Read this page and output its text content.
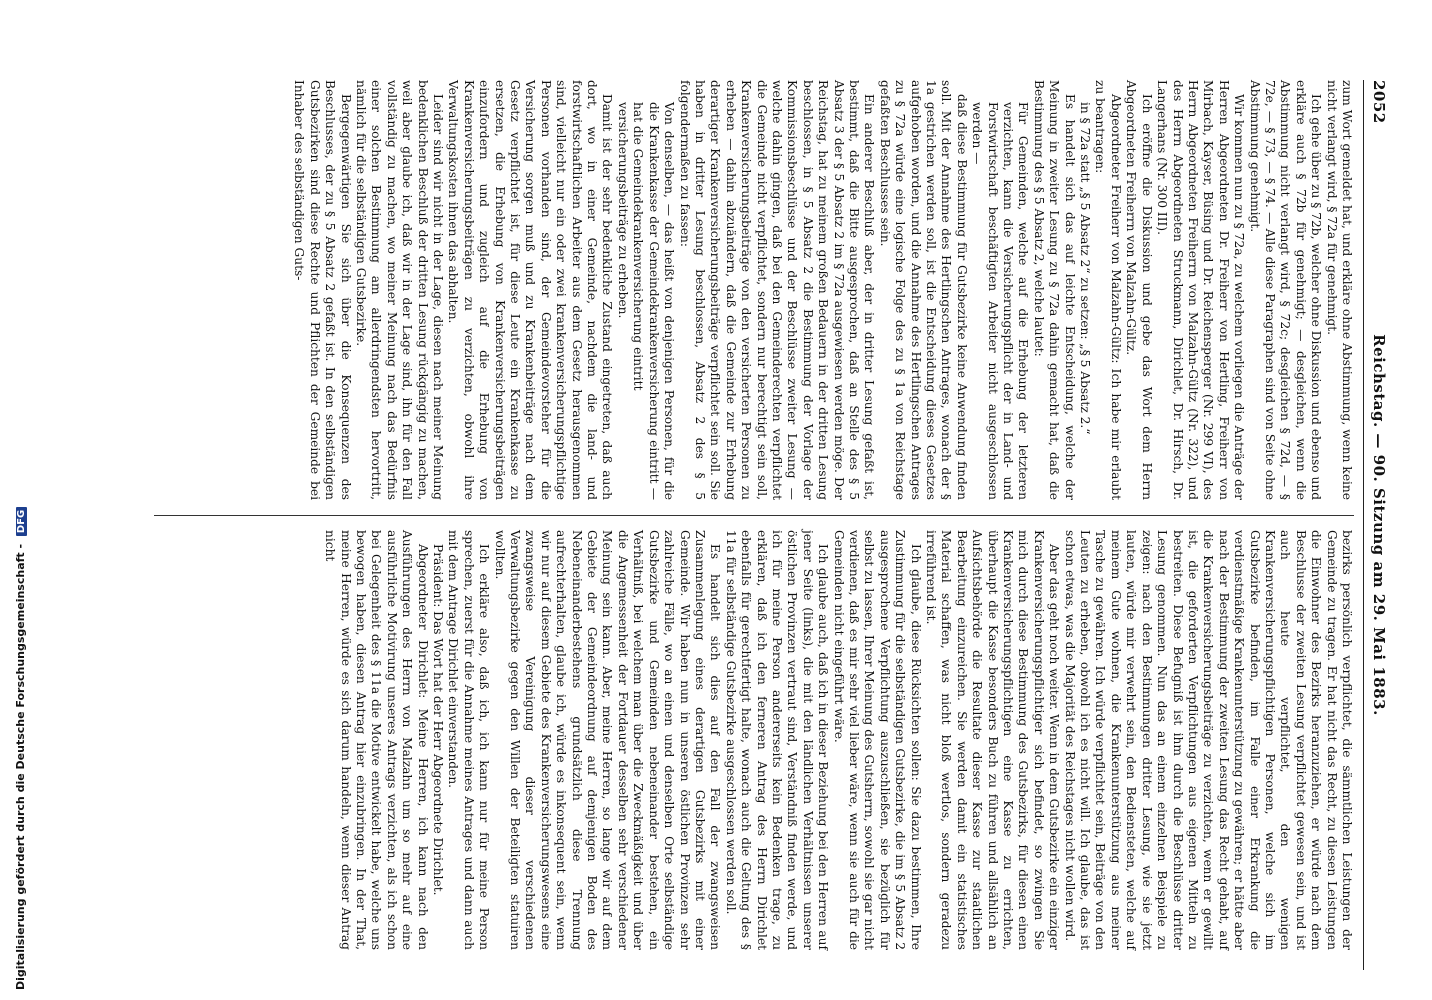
2052
Reichstag. — 90. Sitzung am 29. Mai 1883.

zum Wort gemeldet hat, und erkläre ohne Abstimmung, wenn keine nicht verlangt wird, § 72a für genehmigt.

Ich gehe über zu § 72b, welcher ohne Diskussion und ebenso und erkläre auch § 72b für genehmigt; — desgleichen, wenn die Abstimmung nicht verlangt wird, § 72c; desgleichen § 72d, — § 72e, — § 73, — § 74. — Alle diese Paragraphen sind von Seite ohne Abstimmung genehmigt.

Wir kommen nun zu § 72a, zu welchem vorliegen die Anträge der Herren Abgeordneten Dr. Freiherr von Hertling, Freiherr von Mirbach, Kayser, Büsing und Dr. Reichensperger (Nr. 299 VI), des Herrn Abgeordneten Freiherrn von Malzahn-Gültz (Nr. 322), und des Herrn Abgeordneten Struckmann, Dirichlet, Dr. Hirsch, Dr. Langerhans (Nr. 300 III).

Ich eröffne die Diskussion und gebe das Wort dem Herrn Abgeordneten Freiherrn von Malzahn-Gültz.

Abgeordneter Freiherr von Malzahn-Gültz: Ich habe mir erlaubt zu beantragen:

in § 72a statt „§ 5 Absatz 2“ zu setzen: „§ 5 Absatz 2.“

Es handelt sich das auf leichte Entscheidung, welche der Meinung in zweiter Lesung zu § 72a dahin gemacht hat, daß die Bestimmung des § 5 Absatz 2, welche lautet:

Für Gemeinden, welche auf die Erhebung der letzteren verzichten, kann die Versicherungspflicht der in Land- und Forstwirtschaft beschäftigten Arbeiter nicht ausgeschlossen werden —

daß diese Bestimmung für Gutsbezirke keine Anwendung finden soll. Mit der Annahme des Hertlingschen Antrages, wonach der § 1a gestrichen werden soll, ist die Entscheidung dieses Gesetzes aufgehoben worden, und die Annahme des Hertlingschen Antrages zu § 72a würde eine logische Folge des zu § 1a von Reichstage gefaßten Beschlusses sein.

Ein anderer Beschluß aber, der in dritter Lesung gefaßt ist, bestimmt, daß die Bitte ausgesprochen, daß an Stelle des § 5 Absatz 3 der § 5 Absatz 2 im § 72a ausgewiesen werden möge. Der Reichstag, hat zu meinem großen Bedauern in der dritten Lesung beschlossen, in § 5 Absatz 2 die Bestimmung der Vorlage der Kommissionsbeschlüsse und der Beschlüsse zweiter Lesung — welche dahin gingen, daß bei den Gemeinderechten verpflichtet die Gemeinde nicht verpflichtet, sondern nur berechtigt sein soll, Krankenversicherungsbeiträge von den versicherten Personen zu erheben — dahin abzuändern, daß die Gemeinde zur Erhebung derartiger Krankenversicherungsbeiträge verpflichtet sein soll. Sie haben in dritter Lesung beschlossen, Absatz 2 des § 5 folgendermaßen zu fassen:

Von denselben, — das heißt von denjenigen Personen, für die die Krankenkasse der Gemeindekrankenversicherung eintritt — hat die Gemeindekrankenversicherung eintritt

versicherungsbeiträge zu erheben.

Damit ist der sehr bedenkliche Zustand eingetreten, daß auch dort, wo in einer Gemeinde, nachdem die land- und forstwirtschaftlichen Arbeiter aus dem Gesetz herausgenommen sind, vielleicht nur ein oder zwei krankenversicherungspflichtige Personen vorhanden sind, der Gemeindevorsteher für die Versicherung sorgen muß und zu Krankenbeiträge nach dem Gesetz verpflichtet ist, für diese Leute ein Krankenkasse zu ersetzen, die Erhebung von Krankenversicherungsbeiträgen einzufordern und zugleich auf die Erhebung von Krankenversicherungsbeiträgen zu verzichten, obwohl ihre Verwaltungskosten ihnen das abhalten.

Leider sind wir nicht in der Lage, diesen nach meiner Meinung bedenklichen Beschluß der dritten Lesung rückgängig zu machen, weil aber glaube ich, daß wir in der Lage sind, ihn für den Fall vollständig zu machen, wo meiner Meinung nach das Bedürfnis einer solchen Bestimmung am allerdringendsten hervortritt, nämlich für die selbständigen Gutsbezirke.

Bergegenwärtigen Sie sich über die Konsequenzen des Beschlusses, der zu § 5 Absatz 2 gefaßt ist. In den selbständigen Gutsbezirken sind diese Rechte und Pflichten der Gemeinde bei Inhaber des selbständigen Guts-

bezirks persönlich verpflichtet, die sämmtlichen Leistungen der Gemeinde zu tragen. Er hat nicht das Recht, zu diesen Leistungen die Einwohner des Bezirks heranzuziehen, er würde nach dem Beschlusse der zweiten Lesung verpflichtet gewesen sein, und ist auch heute verpflichtet, den wenigen Krankenversicherungspflichtigen Personen, welche sich im Gutsbezirke befinden, im Falle einer Erkrankung die verdienstmäßige Krankenunterstützung zu gewähren; er hätte aber nach der Bestimmung der zweiten Lesung das Recht gehabt, auf die Krankenversicherungsbeiträge zu verzichten, wenn er gewillt ist, die geforderten Verpflichtungen aus eigenen Mitteln zu bestreiten. Diese Befugniß ist ihm durch die Beschlüsse dritter Lesung genommen. Nun das an einem einzelnen Beispiele zu zeigen: nach den Bestimmungen dritter Lesung, wie sie jetzt lauten, würde mir verwehrt sein, den Bediensteten, welche auf meinem Gute wohnen, die Krankenunterstützung aus meiner Tasche zu gewähren. Ich würde verpflichtet sein, Beiträge von den Leuten zu erheben, obwohl ich es nicht will. Ich glaube, das ist schon etwas, was die Majorität des Reichstages nicht wollen wird.

Aber das geht noch weiter. Wenn in dem Gutsbezirke ein einziger Krankenversicherungspflichtiger sich befindet, so zwingen Sie mich durch diese Bestimmung des Gutsbezirks, für diesen einen Krankenversicherungspflichtigen eine Kasse zu errichten, überhaupt die Kasse besonders Buch zu führen und allsählich an Aufsichtsbehörde die Resultate dieser Kasse zur staatlichen Bearbeitung einzureichen. Sie werden damit ein statistisches Material schaffen, was nicht bloß wertlos, sondern geradezu irreführend ist.

Ich glaube, diese Rücksichten sollen: Sie dazu bestimmen, Ihre Zustimmung für die selbständigen Gutsbezirke, die im § 5 Absatz 2 ausgesprochene Verpflichtung auszuschließen, sie bezüglich für selbst zu lassen, Ihrer Meinung des Gutsherrn, sowohl sie gar nicht verdienen, daß es mir sehr viel lieber wäre, wenn sie auch für die Gemeinden nicht eingeführt wäre.

Ich glaube auch, daß ich in dieser Beziehung bei den Herren auf jener Seite (links), die mit den ländlichen Verhältnissen unserer östlichen Provinzen vertraut sind, Verständniß finden werde, und ich für meine Person andererseits kein Bedenken trage, zu erklären, daß ich den ferneren Antrag des Herrn Dirichlet ebenfalls für gerechtfertigt halte, wonach auch die Geltung des § 11a für selbständige Gutsbezirke ausgeschlossen werden soll.

Es handelt sich dies auf den Fall der zwangsweisen Zusammenlegung eines derartigen Gutsbezirks mit einer Gemeinde. Wir haben nun in unseren östlichen Provinzen sehr zahlreiche Fälle, wo an einen und denselben Orte selbständige Gutsbezirke und Gemeinden nebeneinander bestehen, ein Verhältniß, bei welchem man über die Zweckmäßigkeit und über die Angemessenheit der Fortdauer desselben sehr verschiedener Meinung sein kann. Aber, meine Herren, so lange wir auf dem Gebiete der Gemeindeordnung auf demjenigen Boden des Nebeneinanderbestehens grundsätzlich diese Trennung aufrechterhalten, glaube ich, würde es inkonsequent sein, wenn wir nur auf diesem Gebiete des Krankenversicherungswesens eine zwangsweise Vereinigung dieser verschiedenen Verwaltungsbezirke gegen den Willen der Beteiligten statuiren wollten.

Ich erkläre also, daß ich, ich kann nur für meine Person sprechen, zuerst für die Annahme meines Antrages und dann auch mit dem Antrage Dirichlet einverstanden.

Präsident: Das Wort hat der Herr Abgeordnete Dirichlet.

Abgeordneter Dirichlet: Meine Herren, ich kann nach den Ausführungen des Herrn von Malzahn um so mehr auf eine ausführliche Motivirung unseres Antrags verzichten, als ich schon bei Gelegenheit des § 11a die Motive entwickelt habe, welche uns bewogen haben, diesen Antrag hier einzubringen. In der That, meine Herren, würde es sich darum handeln, wenn dieser Antrag nicht

Digitalisierung gefördert durch die Deutsche Forschungsgemeinschaft - DFG
